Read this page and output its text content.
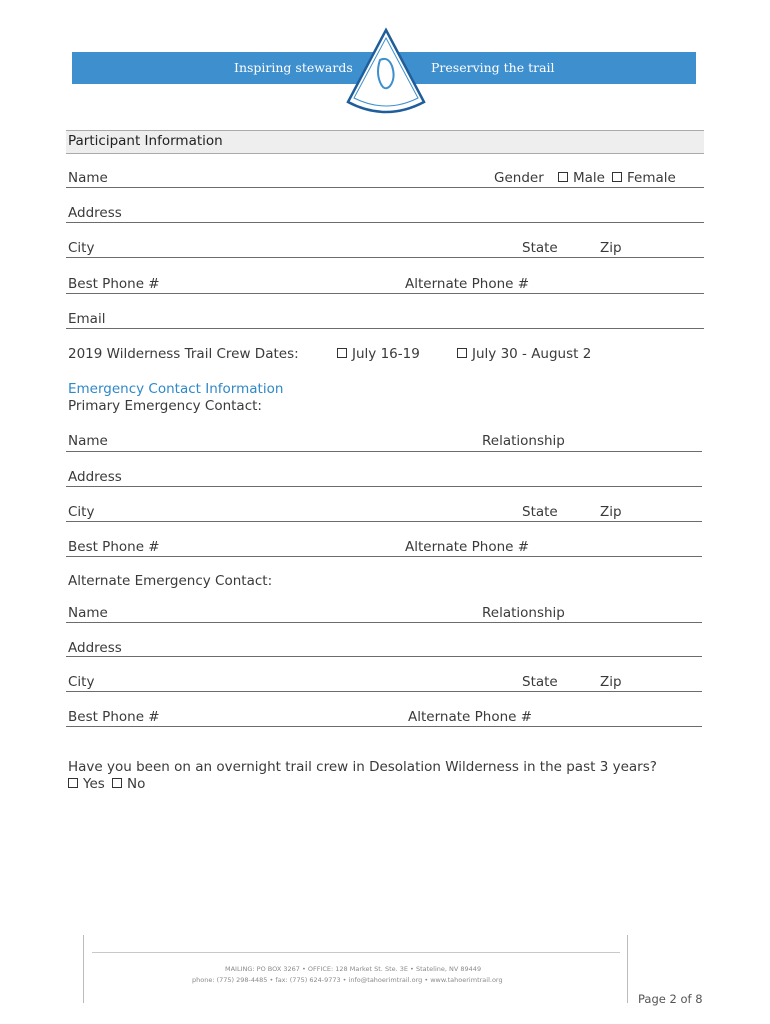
Inspiring stewards	Preserving the trail
Participant Information
Name	Gender	Male	Female
Address
City	State	Zip
Best Phone #	Alternate Phone #
Email
2019 Wilderness Trail Crew Dates:	July 16-19	July 30 - August 2
Emergency Contact Information
Primary Emergency Contact:
Name	Relationship
Address
City	State	Zip
Best Phone #	Alternate Phone #
Alternate Emergency Contact:
Name	Relationship
Address
City	State	Zip
Best Phone #	Alternate Phone #
Have you been on an overnight trail crew in Desolation Wilderness in the past 3 years?
Yes	No
MAILING: PO BOX 3267 • OFFICE: 128 Market St. Ste. 3E • Stateline, NV 89449
phone: (775) 298-4485 • fax: (775) 624-9773 • info@tahoerimtrail.org • www.tahoerimtrail.org
Page 2 of 8
